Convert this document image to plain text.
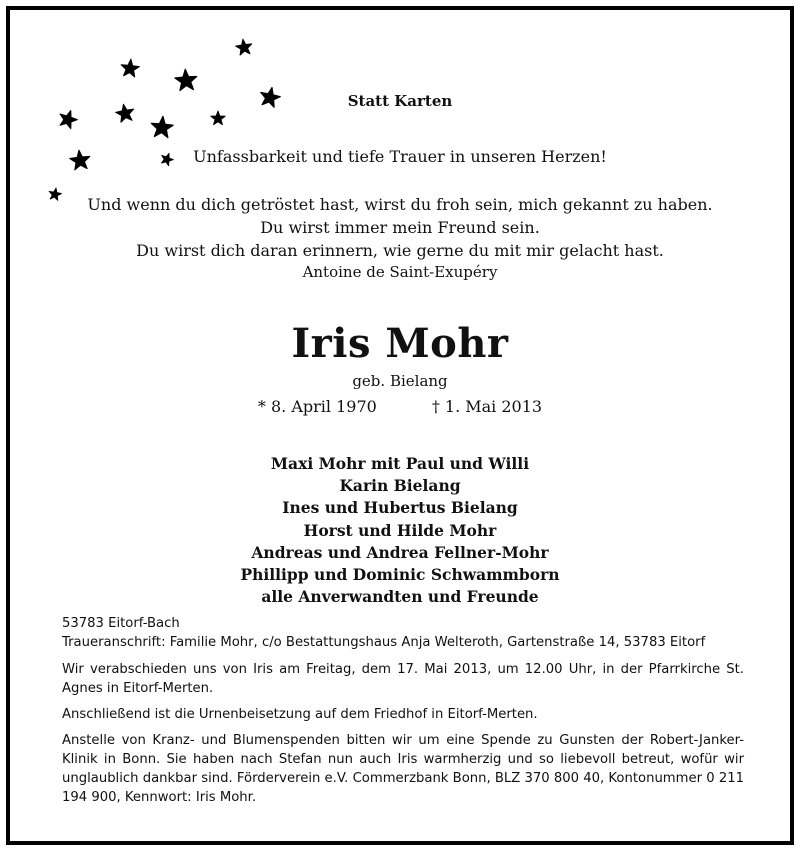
Statt Karten
Unfassbarkeit und tiefe Trauer in unseren Herzen!
Und wenn du dich getröstet hast, wirst du froh sein, mich gekannt zu haben.
Du wirst immer mein Freund sein.
Du wirst dich daran erinnern, wie gerne du mit mir gelacht hast.
Antoine de Saint-Exupéry
Iris Mohr
geb. Bielang
* 8. April 1970	† 1. Mai 2013
Maxi Mohr mit Paul und Willi
Karin Bielang
Ines und Hubertus Bielang
Horst und Hilde Mohr
Andreas und Andrea Fellner-Mohr
Phillipp und Dominic Schwammborn
alle Anverwandten und Freunde

53783 Eitorf-Bach

Traueranschrift: Familie Mohr, c/o Bestattungshaus Anja Welteroth, Gartenstraße 14, 53783 Eitorf

Wir verabschieden uns von Iris am Freitag, dem 17. Mai 2013, um 12.00 Uhr, in der Pfarrkirche St. Agnes in Eitorf-Merten.
Anschließend ist die Urnenbeisetzung auf dem Friedhof in Eitorf-Merten.
Anstelle von Kranz- und Blumenspenden bitten wir um eine Spende zu Gunsten der Robert-Janker-Klinik in Bonn. Sie haben nach Stefan nun auch Iris warmherzig und so liebevoll betreut, wofür wir unglaublich dankbar sind. Förderverein e.V. Commerzbank Bonn, BLZ 370 800 40, Kontonummer 0 211 194 900, Kennwort: Iris Mohr.
